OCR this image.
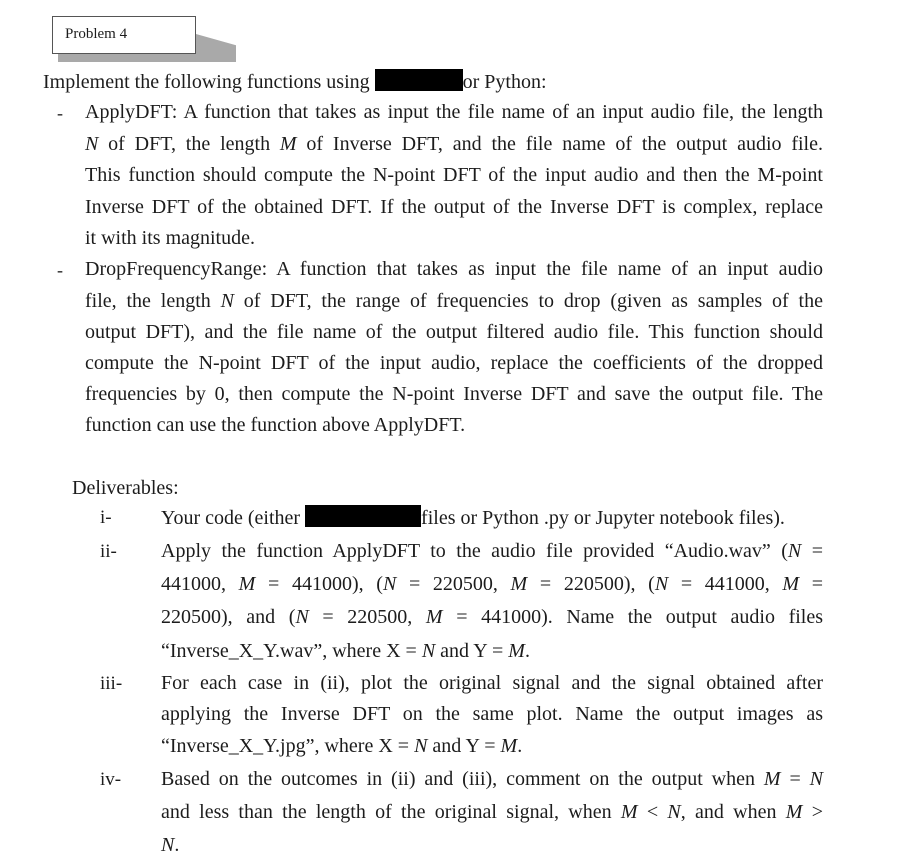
Problem 4
Implement the following functions using	or Python:
- ApplyDFT: A function that takes as input the file name of an input audio file, the length
N of DFT, the length M of Inverse DFT, and the file name of the output audio file.
This function should compute the N-point DFT of the input audio and then the M-point
Inverse DFT of the obtained DFT. If the output of the Inverse DFT is complex, replace
it with its magnitude.
- DropFrequencyRange: A function that takes as input the file name of an input audio
file, the length N of DFT, the range of frequencies to drop (given as samples of the
output DFT), and the file name of the output filtered audio file. This function should
compute the N-point DFT of the input audio, replace the coefficients of the dropped
frequencies by 0, then compute the N-point Inverse DFT and save the output file. The
function can use the function above ApplyDFT.
Deliverables:
i- Your code (either	files or Python .py or Jupyter notebook files).
ii- Apply the function ApplyDFT to the audio file provided “Audio.wav” (N =
441000, M = 441000), (N = 220500, M = 220500), (N = 441000, M =
220500), and (N = 220500, M = 441000). Name the output audio files
“Inverse_X_Y.wav”, where X = N and Y = M.
iii- For each case in (ii), plot the original signal and the signal obtained after
applying the Inverse DFT on the same plot. Name the output images as
“Inverse_X_Y.jpg”, where X = N and Y = M.
iv- Based on the outcomes in (ii) and (iii), comment on the output when M = N
and less than the length of the original signal, when M < N, and when M >
N.
